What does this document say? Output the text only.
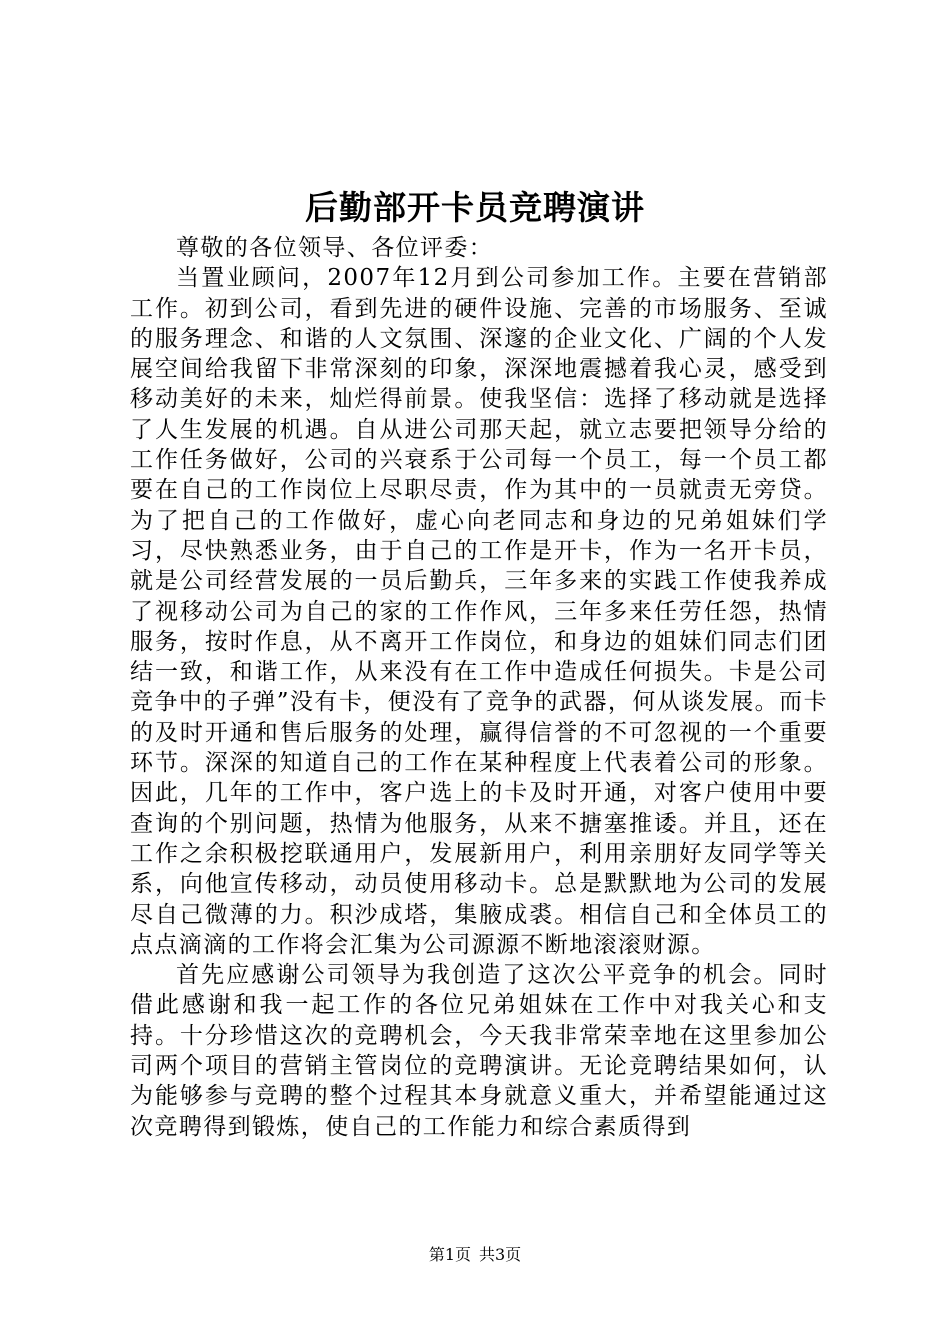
后勤部开卡员竞聘演讲

尊敬的各位领导、各位评委：

当置业顾问，2007年12月到公司参加工作。主要在营销部工作。初到公司，看到先进的硬件设施、完善的市场服务、至诚的服务理念、和谐的人文氛围、深邃的企业文化、广阔的个人发展空间给我留下非常深刻的印象，深深地震撼着我心灵，感受到移动美好的未来，灿烂得前景。使我坚信：选择了移动就是选择了人生发展的机遇。自从进公司那天起，就立志要把领导分给的工作任务做好，公司的兴衰系于公司每一个员工，每一个员工都要在自己的工作岗位上尽职尽责，作为其中的一员就责无旁贷。为了把自己的工作做好，虚心向老同志和身边的兄弟姐妹们学习，尽快熟悉业务，由于自己的工作是开卡，作为一名开卡员，就是公司经营发展的一员后勤兵，三年多来的实践工作使我养成了视移动公司为自己的家的工作作风，三年多来任劳任怨，热情服务，按时作息，从不离开工作岗位，和身边的姐妹们同志们团结一致，和谐工作，从来没有在工作中造成任何损失。卡是公司竞争中的子弹”没有卡，便没有了竞争的武器，何从谈发展。而卡的及时开通和售后服务的处理，赢得信誉的不可忽视的一个重要环节。深深的知道自己的工作在某种程度上代表着公司的形象。因此，几年的工作中，客户选上的卡及时开通，对客户使用中要查询的个别问题，热情为他服务，从来不搪塞推诿。并且，还在工作之余积极挖联通用户，发展新用户，利用亲朋好友同学等关系，向他宣传移动，动员使用移动卡。总是默默地为公司的发展尽自己微薄的力。积沙成塔，集腋成裘。相信自己和全体员工的点点滴滴的工作将会汇集为公司源源不断地滚滚财源。

首先应感谢公司领导为我创造了这次公平竞争的机会。同时借此感谢和我一起工作的各位兄弟姐妹在工作中对我关心和支持。十分珍惜这次的竞聘机会，今天我非常荣幸地在这里参加公司两个项目的营销主管岗位的竞聘演讲。无论竞聘结果如何，认为能够参与竞聘的整个过程其本身就意义重大，并希望能通过这次竞聘得到锻炼，使自己的工作能力和综合素质得到

第1页 共3页
